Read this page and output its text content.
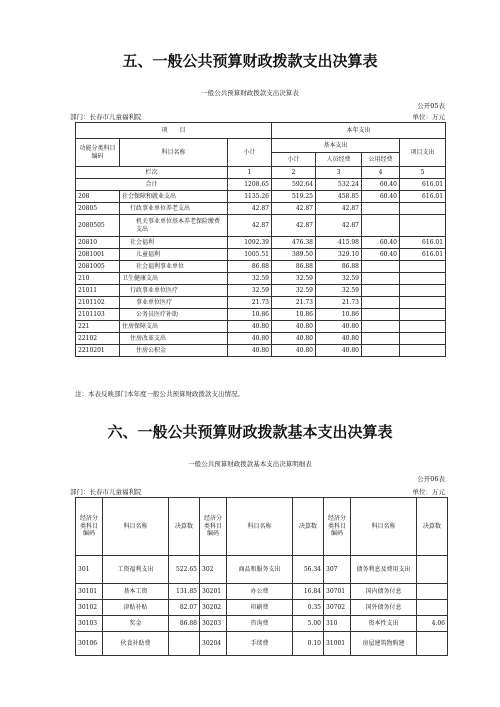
五、一般公共预算财政拨款支出决算表
一般公共预算财政拨款支出决算表
公开05表
部门：长春市儿童福利院	单位：万元
项　　目			本年支出			
功能分类科目编码	科目名称	小计	基本支出			项目支出
			小计	人员经费	公用经费	
栏次		1	2	3	4	5
合计		1208.65	592.64	532.24	60.40	616.01
208	社会保障和就业支出	1135.26	519.25	458.85	60.40	616.01
20805	行政事业单位养老支出	42.87	42.87	42.87		
2080505	机关事业单位基本养老保险缴费支出	42.87	42.87	42.87		
20810	社会福利	1092.39	476.38	415.98	60.40	616.01
2081001	儿童福利	1005.51	389.50	329.10	60.40	616.01
2081005	社会福利事业单位	86.88	86.88	86.88		
210	卫生健康支出	32.59	32.59	32.59		
21011	行政事业单位医疗	32.59	32.59	32.59		
2101102	事业单位医疗	21.73	21.73	21.73		
2101103	公务员医疗补助	10.86	10.86	10.86		
221	住房保障支出	40.80	40.80	40.80		
22102	住房改革支出	40.80	40.80	40.80		
2210201	住房公积金	40.80	40.80	40.80		
注：本表反映部门本年度一般公共预算财政拨款支出情况。
六、一般公共预算财政拨款基本支出决算表
一般公共预算财政拨款基本支出决算明细表
公开06表
部门：长春市儿童福利院	单位：万元
经济分类科目编码	科目名称	决算数	经济分类科目编码	科目名称	决算数	经济分类科目编码	科目名称	决算数
301	工资福利支出	522.65	302	商品和服务支出	56.34	307	债务利息及费用支出	
30101	基本工资	131.85	30201	办公费	16.84	30701	国内债务付息	
30102	津贴补贴	82.07	30202	印刷费	0.35	30702	国外债务付息	
30103	奖金	86.88	30203	咨询费	5.00	310	资本性支出	4.06
30106	伙食补助费		30204	手续费	0.10	31001	房屋建筑物购建	
